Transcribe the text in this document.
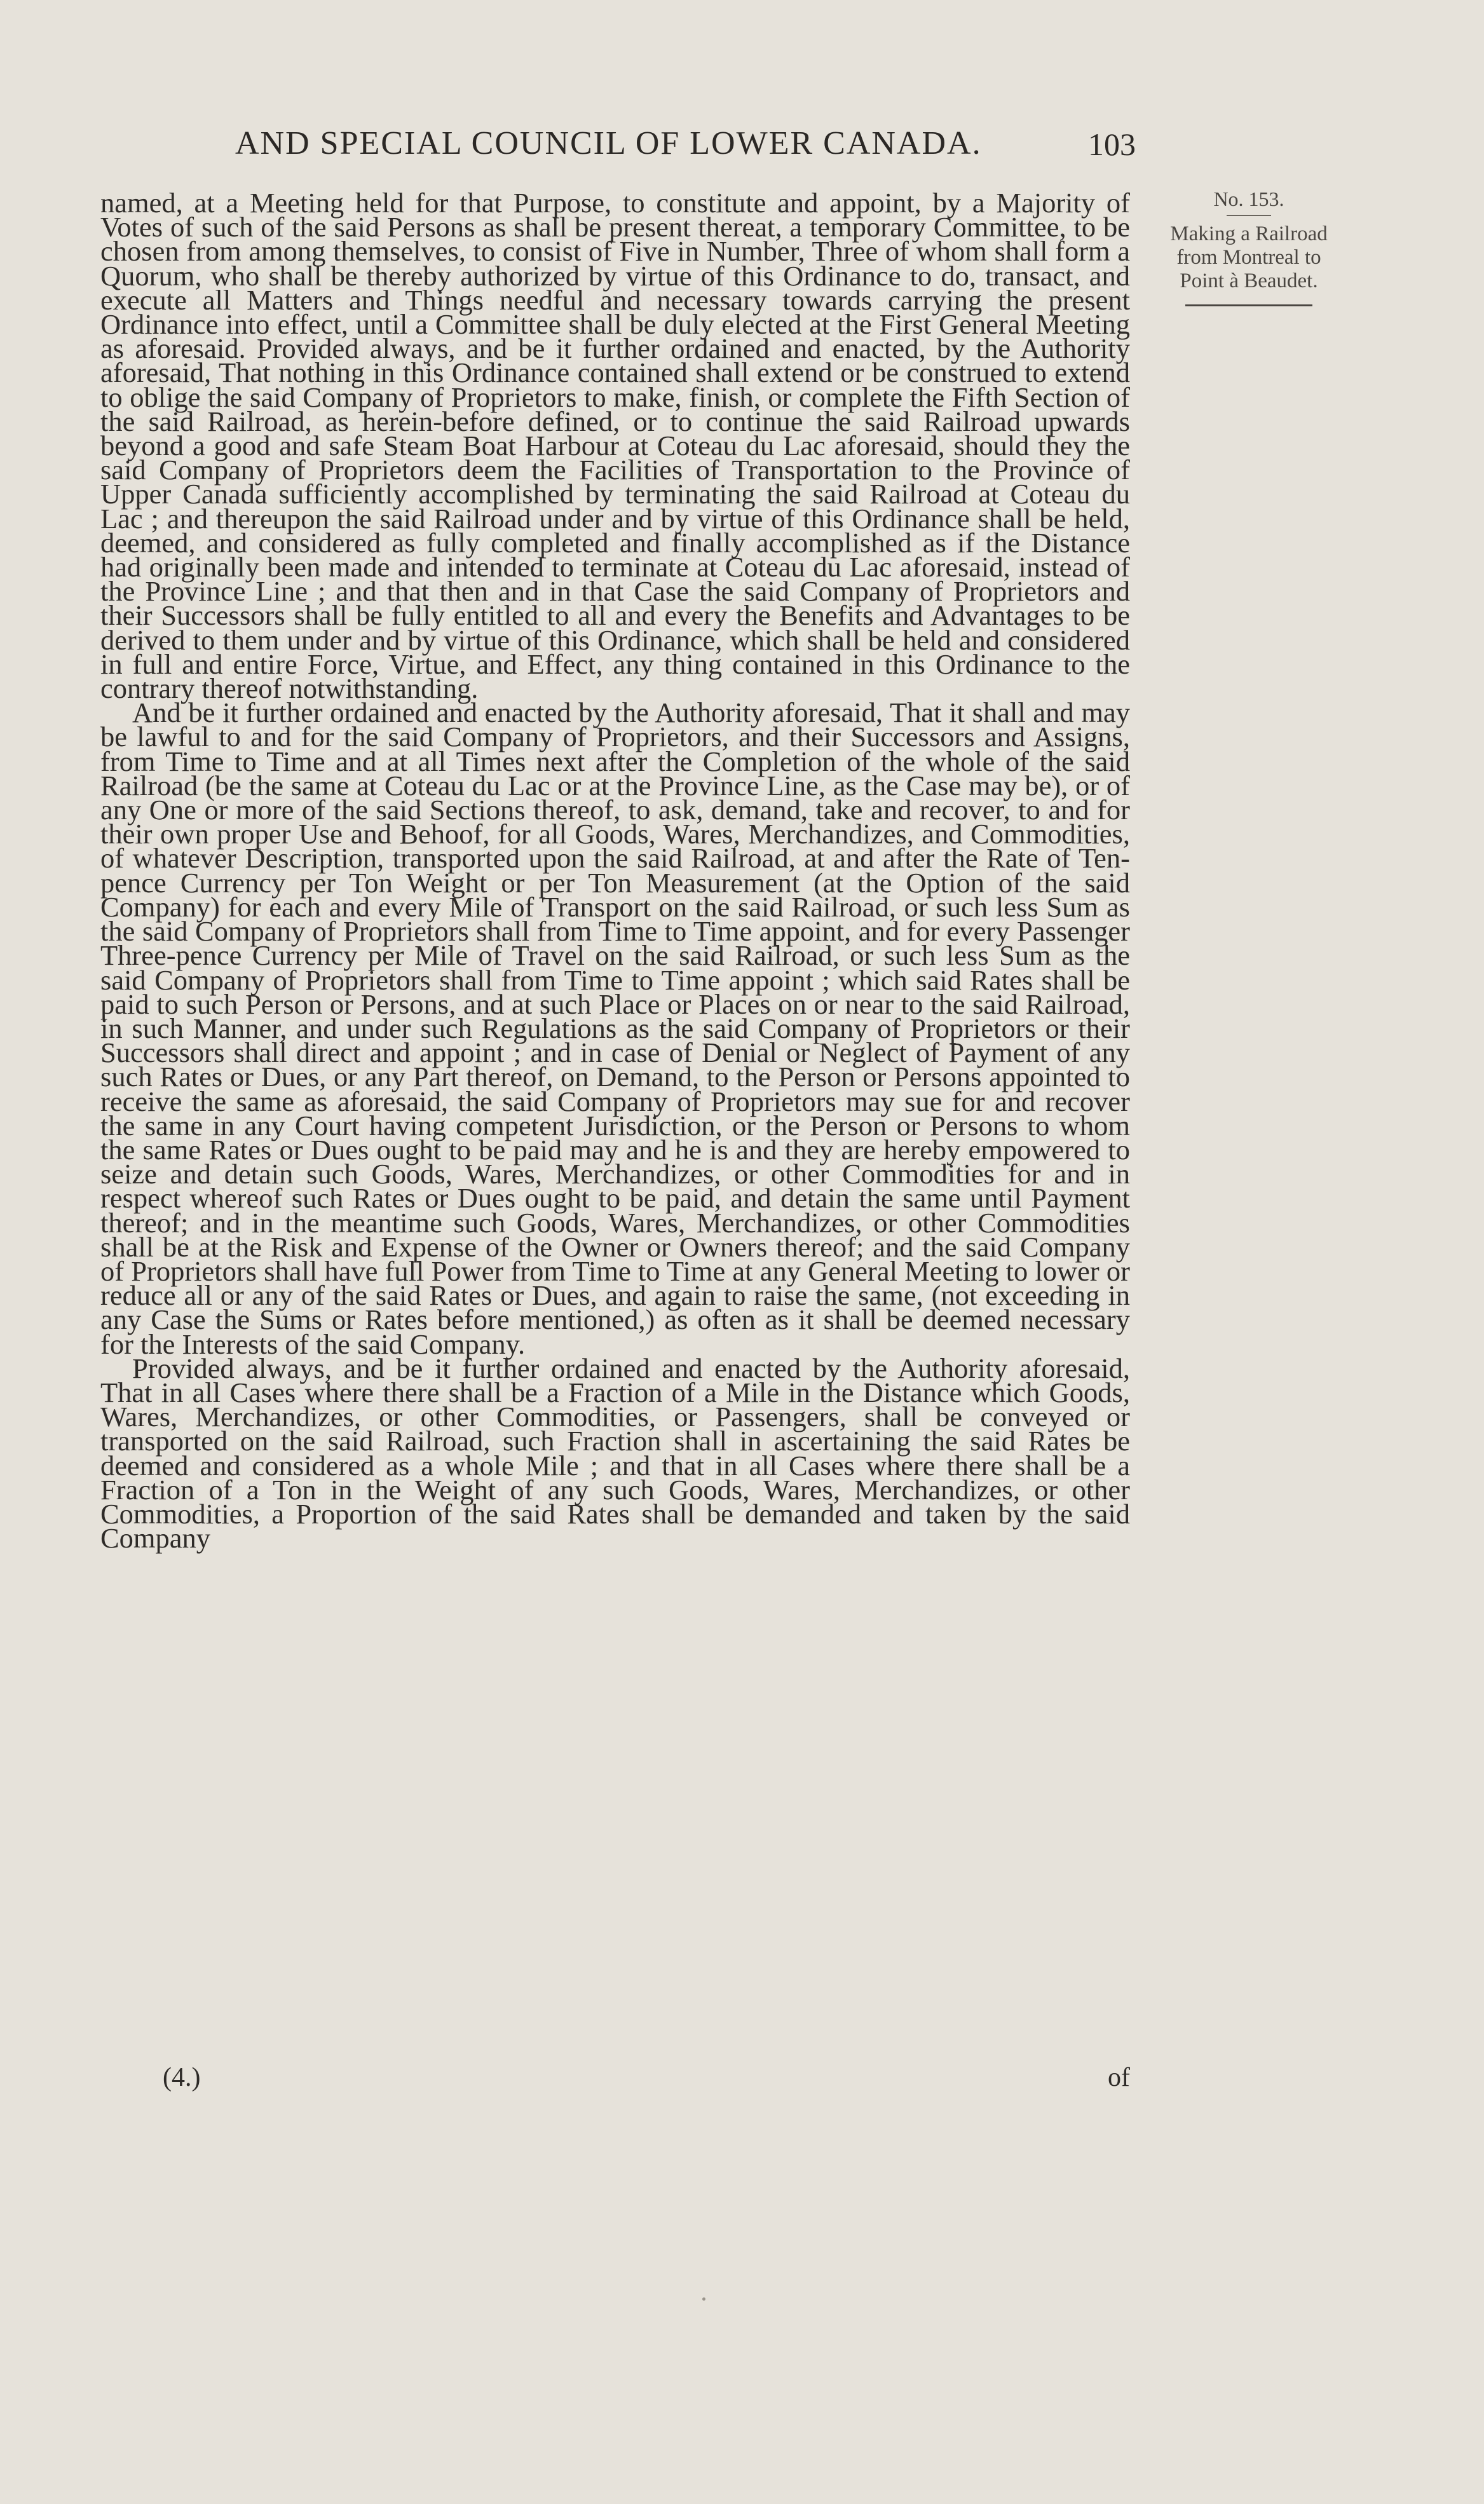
AND SPECIAL COUNCIL OF LOWER CANADA.	103
No. 153.
Making a Railroad
from Montreal to
Point à Beaudet.

named, at a Meeting held for that Purpose, to constitute and appoint, by a Majority of Votes of such of the said Persons as shall be present thereat, a temporary Committee, to be chosen from among themselves, to consist of Five in Number, Three of whom shall form a Quorum, who shall be thereby authorized by virtue of this Ordinance to do, transact, and execute all Matters and Things needful and necessary towards carrying the present Ordinance into effect, until a Committee shall be duly elected at the First General Meeting as aforesaid. Provided always, and be it further ordained and enacted, by the Authority aforesaid, That nothing in this Ordinance contained shall extend or be construed to extend to oblige the said Company of Proprietors to make, finish, or complete the Fifth Section of the said Railroad, as herein-before defined, or to continue the said Railroad upwards beyond a good and safe Steam Boat Harbour at Coteau du Lac aforesaid, should they the said Company of Proprietors deem the Facilities of Transportation to the Province of Upper Canada sufficiently accomplished by terminating the said Railroad at Coteau du Lac ; and thereupon the said Railroad under and by virtue of this Ordinance shall be held, deemed, and considered as fully completed and finally accomplished as if the Distance had originally been made and intended to terminate at Coteau du Lac aforesaid, instead of the Province Line ; and that then and in that Case the said Company of Proprietors and their Successors shall be fully entitled to all and every the Benefits and Advantages to be derived to them under and by virtue of this Ordinance, which shall be held and considered in full and entire Force, Virtue, and Effect, any thing contained in this Ordinance to the contrary thereof notwithstanding.

And be it further ordained and enacted by the Authority aforesaid, That it shall and may be lawful to and for the said Company of Proprietors, and their Successors and Assigns, from Time to Time and at all Times next after the Completion of the whole of the said Railroad (be the same at Coteau du Lac or at the Province Line, as the Case may be), or of any One or more of the said Sections thereof, to ask, demand, take and recover, to and for their own proper Use and Behoof, for all Goods, Wares, Merchandizes, and Commodities, of whatever Description, transported upon the said Railroad, at and after the Rate of Ten-pence Currency per Ton Weight or per Ton Measurement (at the Option of the said Company) for each and every Mile of Transport on the said Railroad, or such less Sum as the said Company of Proprietors shall from Time to Time appoint, and for every Passenger Three-pence Currency per Mile of Travel on the said Railroad, or such less Sum as the said Company of Proprietors shall from Time to Time appoint ; which said Rates shall be paid to such Person or Persons, and at such Place or Places on or near to the said Railroad, in such Manner, and under such Regulations as the said Company of Proprietors or their Successors shall direct and appoint ; and in case of Denial or Neglect of Payment of any such Rates or Dues, or any Part thereof, on Demand, to the Person or Persons appointed to receive the same as aforesaid, the said Company of Proprietors may sue for and recover the same in any Court having competent Jurisdiction, or the Person or Persons to whom the same Rates or Dues ought to be paid may and he is and they are hereby empowered to seize and detain such Goods, Wares, Merchandizes, or other Commodities for and in respect whereof such Rates or Dues ought to be paid, and detain the same until Payment thereof; and in the meantime such Goods, Wares, Merchandizes, or other Commodities shall be at the Risk and Expense of the Owner or Owners thereof; and the said Company of Proprietors shall have full Power from Time to Time at any General Meeting to lower or reduce all or any of the said Rates or Dues, and again to raise the same, (not exceeding in any Case the Sums or Rates before mentioned,) as often as it shall be deemed necessary for the Interests of the said Company.

Provided always, and be it further ordained and enacted by the Authority aforesaid, That in all Cases where there shall be a Fraction of a Mile in the Distance which Goods, Wares, Merchandizes, or other Commodities, or Passengers, shall be conveyed or transported on the said Railroad, such Fraction shall in ascertaining the said Rates be deemed and considered as a whole Mile ; and that in all Cases where there shall be a Fraction of a Ton in the Weight of any such Goods, Wares, Merchandizes, or other Commodities, a Proportion of the said Rates shall be demanded and taken by the said Company

(4.)	of
